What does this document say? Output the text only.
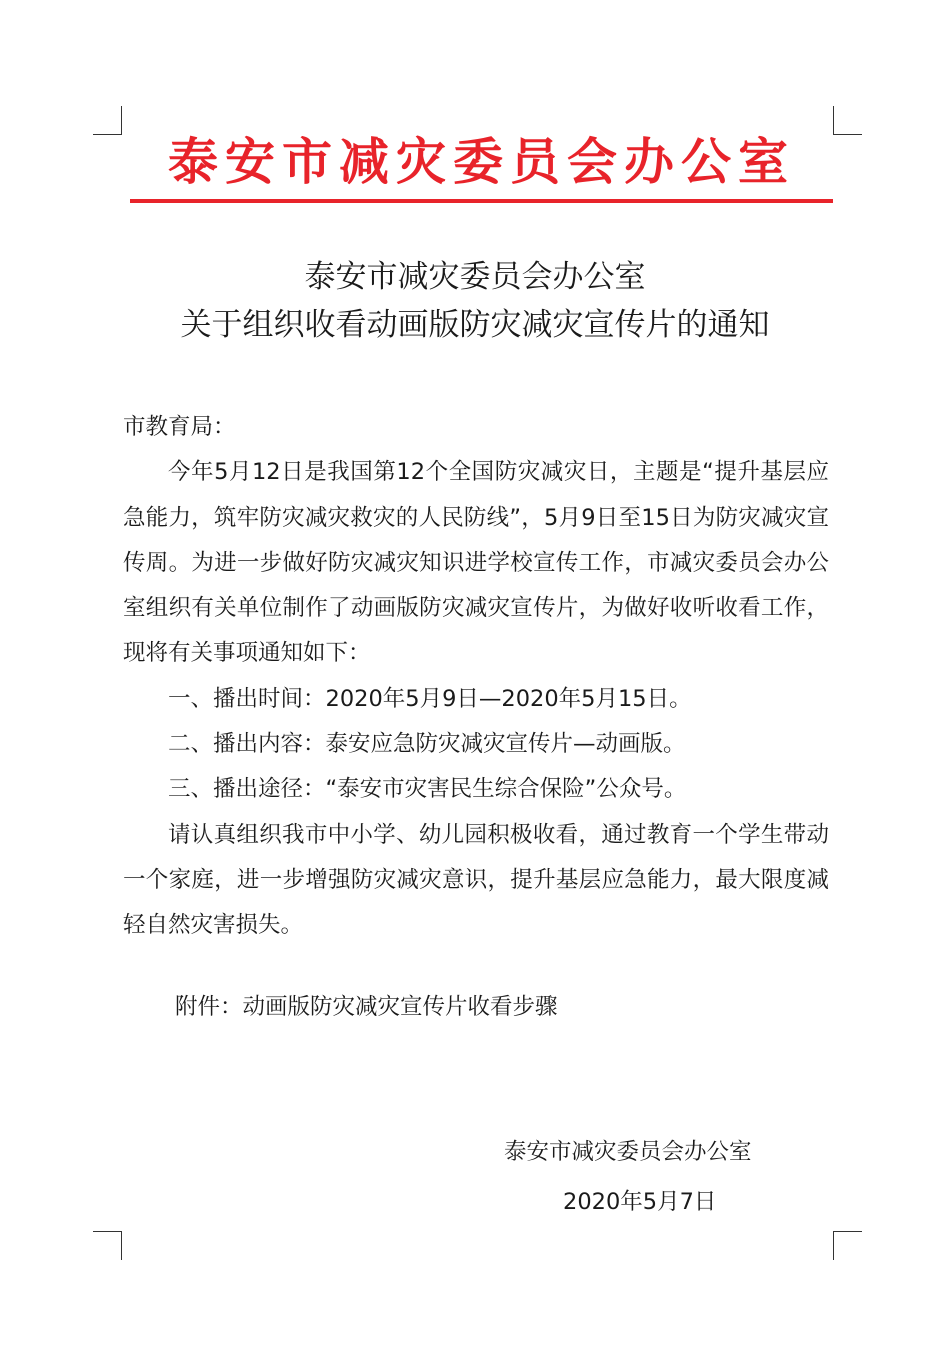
泰安市减灾委员会办公室
泰安市减灾委员会办公室
关于组织收看动画版防灾减灾宣传片的通知

市教育局：

今年5月12日是我国第12个全国防灾减灾日，主题是“提升基层应急能力，筑牢防灾减灾救灾的人民防线”，5月9日至15日为防灾减灾宣传周。为进一步做好防灾减灾知识进学校宣传工作，市减灾委员会办公室组织有关单位制作了动画版防灾减灾宣传片，为做好收听收看工作，现将有关事项通知如下：

一、播出时间：2020年5月9日—2020年5月15日。

二、播出内容：泰安应急防灾减灾宣传片—动画版。

三、播出途径：“泰安市灾害民生综合保险”公众号。

请认真组织我市中小学、幼儿园积极收看，通过教育一个学生带动一个家庭，进一步增强防灾减灾意识，提升基层应急能力，最大限度减轻自然灾害损失。

附件：动画版防灾减灾宣传片收看步骤
泰安市减灾委员会办公室
2020年5月7日
